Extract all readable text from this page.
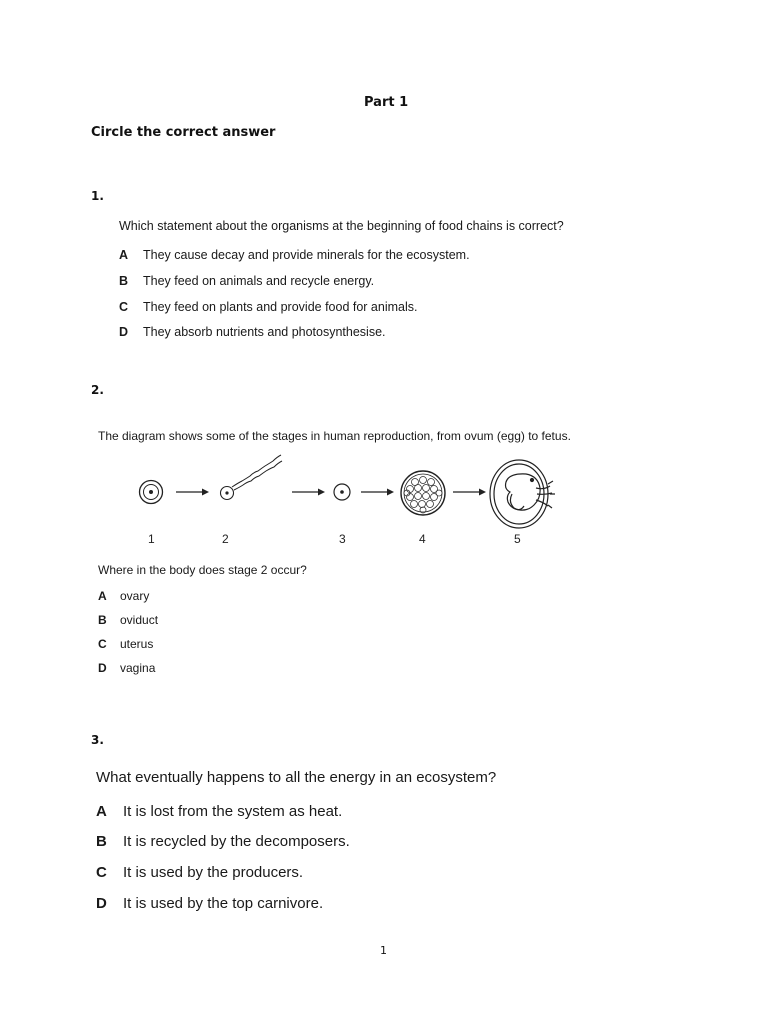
Part 1
Circle the correct answer
1.
Which statement about the organisms at the beginning of food chains is correct?
A They cause decay and provide minerals for the ecosystem.
B They feed on animals and recycle energy.
C They feed on plants and provide food for animals.
D They absorb nutrients and photosynthesise.
2.
The diagram shows some of the stages in human reproduction, from ovum (egg) to fetus.
1	2	3	4	5
Where in the body does stage 2 occur?
A ovary
B oviduct
C uterus
D vagina
3.
What eventually happens to all the energy in an ecosystem?
A It is lost from the system as heat.
B It is recycled by the decomposers.
C It is used by the producers.
D It is used by the top carnivore.
1
